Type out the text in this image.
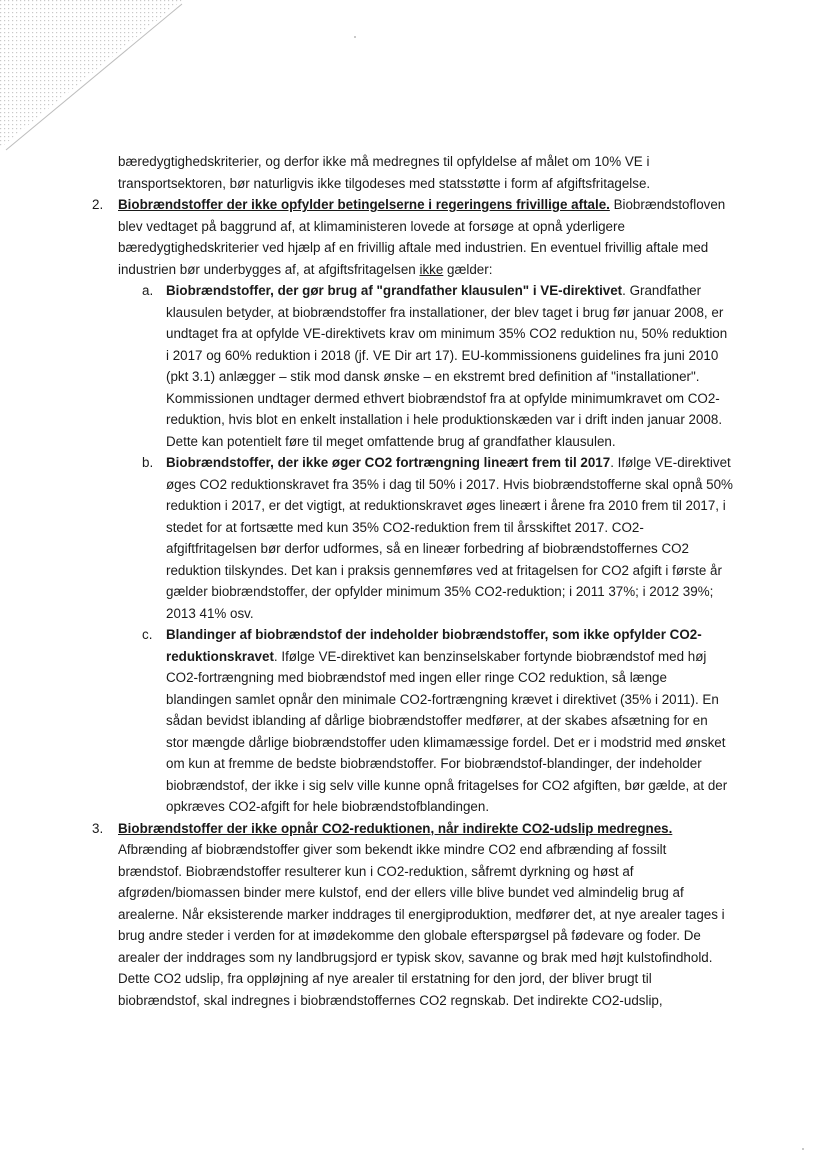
bæredygtighedskriterier, og derfor ikke må medregnes til opfyldelse af målet om 10% VE i transportsektoren, bør naturligvis ikke tilgodeses med statsstøtte i form af afgiftsfritagelse.

2. Biobrændstoffer der ikke opfylder betingelserne i regeringens frivillige aftale. Biobrændstofloven blev vedtaget på baggrund af, at klimaministeren lovede at forsøge at opnå yderligere bæredygtighedskriterier ved hjælp af en frivillig aftale med industrien. En eventuel frivillig aftale med industrien bør underbygges af, at afgiftsfritagelsen ikke gælder:

a. Biobrændstoffer, der gør brug af "grandfather klausulen" i VE-direktivet. Grandfather klausulen betyder, at biobrændstoffer fra installationer, der blev taget i brug før januar 2008, er undtaget fra at opfylde VE-direktivets krav om minimum 35% CO2 reduktion nu, 50% reduktion i 2017 og 60% reduktion i 2018 (jf. VE Dir art 17). EU-kommissionens guidelines fra juni 2010 (pkt 3.1) anlægger – stik mod dansk ønske – en ekstremt bred definition af "installationer". Kommissionen undtager dermed ethvert biobrændstof fra at opfylde minimumkravet om CO2-reduktion, hvis blot en enkelt installation i hele produktionskæden var i drift inden januar 2008. Dette kan potentielt føre til meget omfattende brug af grandfather klausulen.

b. Biobrændstoffer, der ikke øger CO2 fortrængning lineært frem til 2017. Ifølge VE-direktivet øges CO2 reduktionskravet fra 35% i dag til 50% i 2017. Hvis biobrændstofferne skal opnå 50% reduktion i 2017, er det vigtigt, at reduktionskravet øges lineært i årene fra 2010 frem til 2017, i stedet for at fortsætte med kun 35% CO2-reduktion frem til årsskiftet 2017. CO2-afgiftfritagelsen bør derfor udformes, så en lineær forbedring af biobrændstoffernes CO2 reduktion tilskyndes. Det kan i praksis gennemføres ved at fritagelsen for CO2 afgift i første år gælder biobrændstoffer, der opfylder minimum 35% CO2-reduktion; i 2011 37%; i 2012 39%; 2013 41% osv.

c. Blandinger af biobrændstof der indeholder biobrændstoffer, som ikke opfylder CO2-reduktionskravet. Ifølge VE-direktivet kan benzinselskaber fortynde biobrændstof med høj CO2-fortrængning med biobrændstof med ingen eller ringe CO2 reduktion, så længe blandingen samlet opnår den minimale CO2-fortrængning krævet i direktivet (35% i 2011). En sådan bevidst iblanding af dårlige biobrændstoffer medfører, at der skabes afsætning for en stor mængde dårlige biobrændstoffer uden klimamæssige fordel. Det er i modstrid med ønsket om kun at fremme de bedste biobrændstoffer. For biobrændstof-blandinger, der indeholder biobrændstof, der ikke i sig selv ville kunne opnå fritagelses for CO2 afgiften, bør gælde, at der opkræves CO2-afgift for hele biobrændstofblandingen.

3. Biobrændstoffer der ikke opnår CO2-reduktionen, når indirekte CO2-udslip medregnes.

Afbrænding af biobrændstoffer giver som bekendt ikke mindre CO2 end afbrænding af fossilt brændstof. Biobrændstoffer resulterer kun i CO2-reduktion, såfremt dyrkning og høst af afgrøden/biomassen binder mere kulstof, end der ellers ville blive bundet ved almindelig brug af arealerne. Når eksisterende marker inddrages til energiproduktion, medfører det, at nye arealer tages i brug andre steder i verden for at imødekomme den globale efterspørgsel på fødevare og foder. De arealer der inddrages som ny landbrugsjord er typisk skov, savanne og brak med højt kulstofindhold. Dette CO2 udslip, fra oppløjning af nye arealer til erstatning for den jord, der bliver brugt til biobrændstof, skal indregnes i biobrændstoffernes CO2 regnskab. Det indirekte CO2-udslip,
